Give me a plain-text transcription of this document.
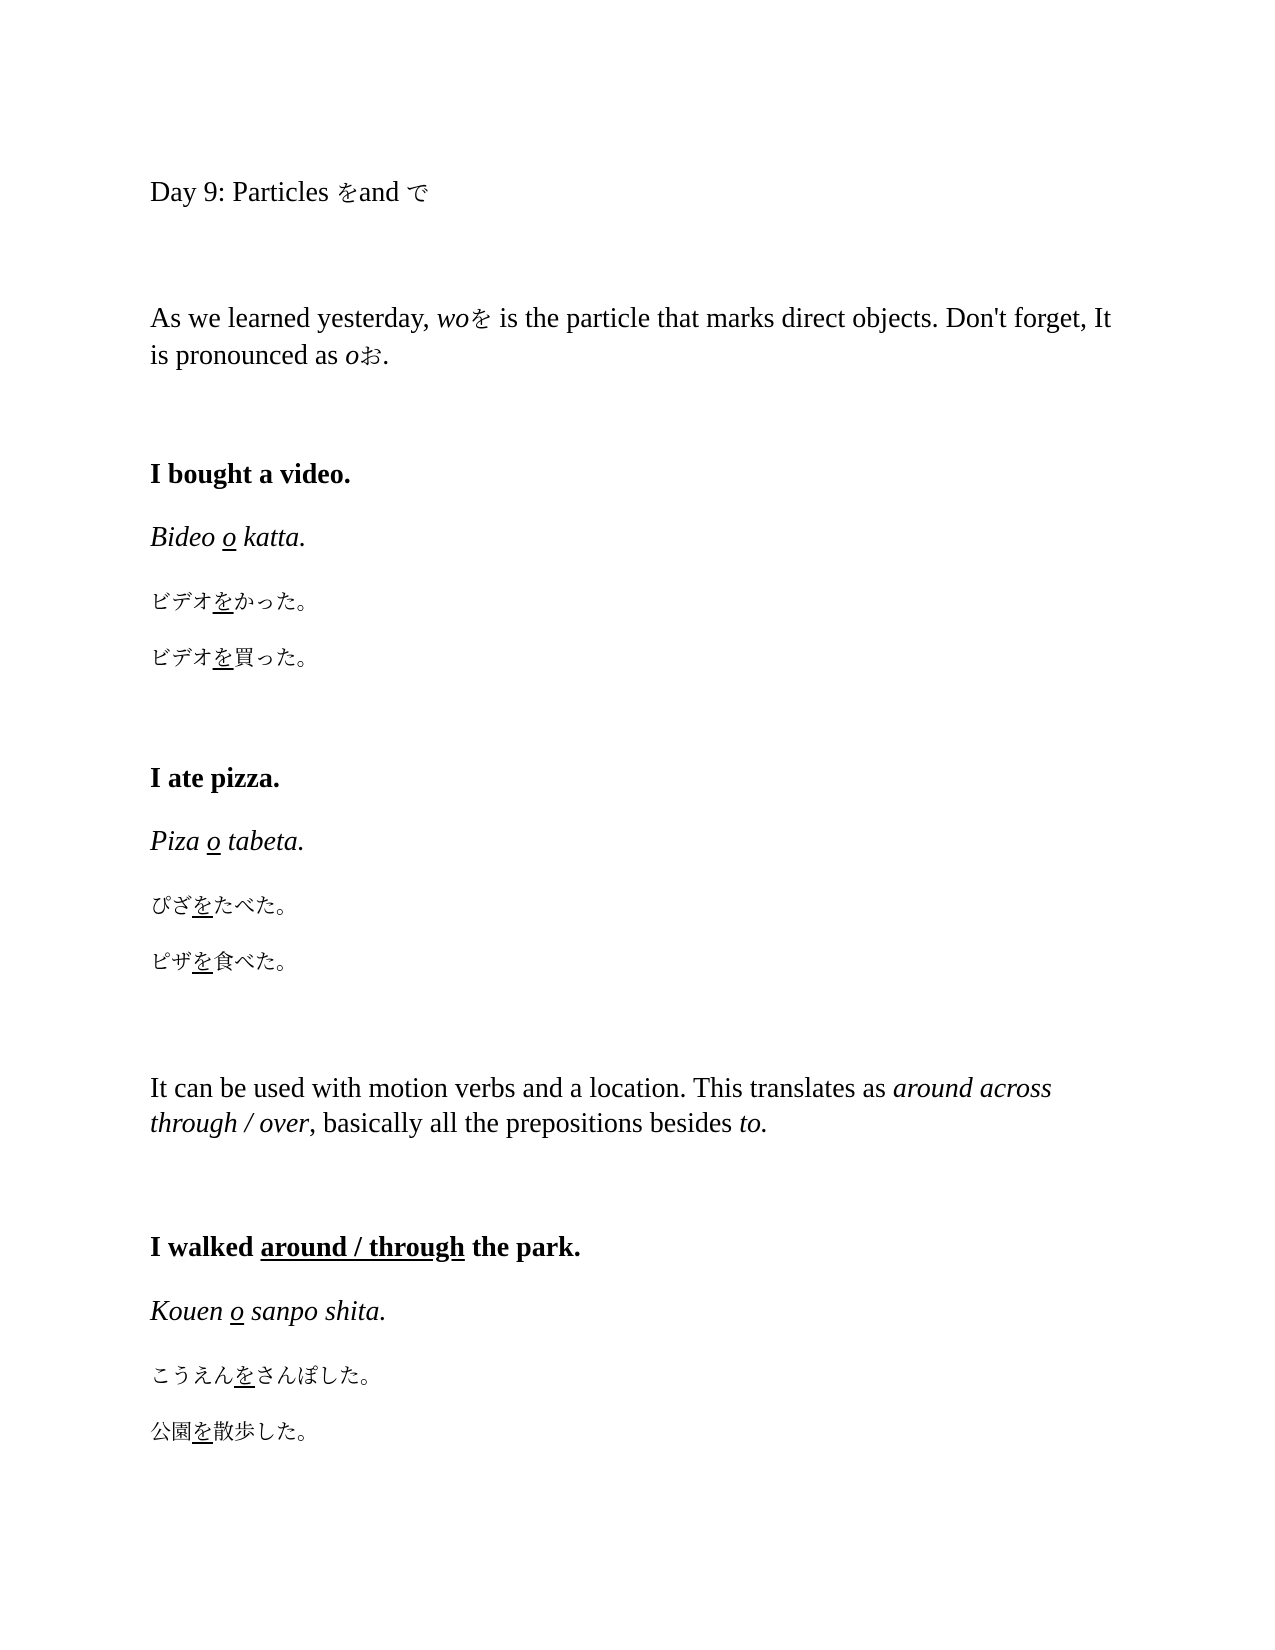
Day 9: Particles をand で
As we learned yesterday, woを is the particle that marks direct objects. Don't forget, It is pronounced as oお.
I bought a video.
Bideo o katta.
ビデオをかった。
ビデオを買った。
I ate pizza.
Piza o tabeta.
ぴざをたべた。
ピザを食べた。
It can be used with motion verbs and a location. This translates as around across through / over, basically all the prepositions besides to.
I walked around / through the park.
Kouen o sanpo shita.
こうえんをさんぽした。
公園を散歩した。
